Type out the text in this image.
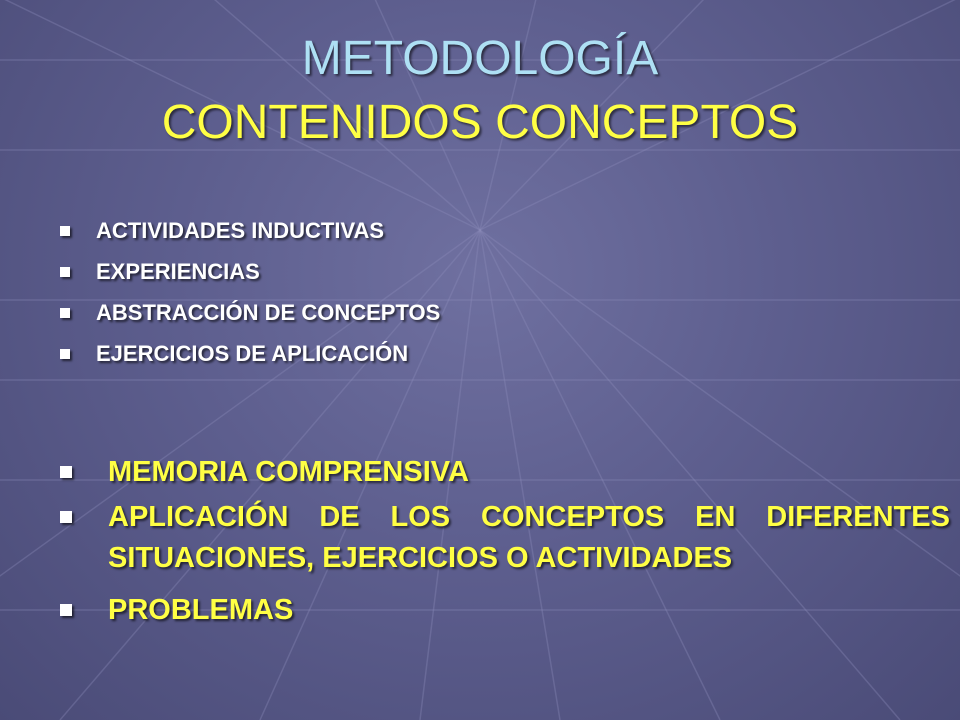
METODOLOGÍA
CONTENIDOS CONCEPTOS
ACTIVIDADES INDUCTIVAS
EXPERIENCIAS
ABSTRACCIÓN DE CONCEPTOS
EJERCICIOS DE APLICACIÓN
MEMORIA COMPRENSIVA
APLICACIÓN DE LOS CONCEPTOS EN DIFERENTES SITUACIONES, EJERCICIOS O ACTIVIDADES
PROBLEMAS
